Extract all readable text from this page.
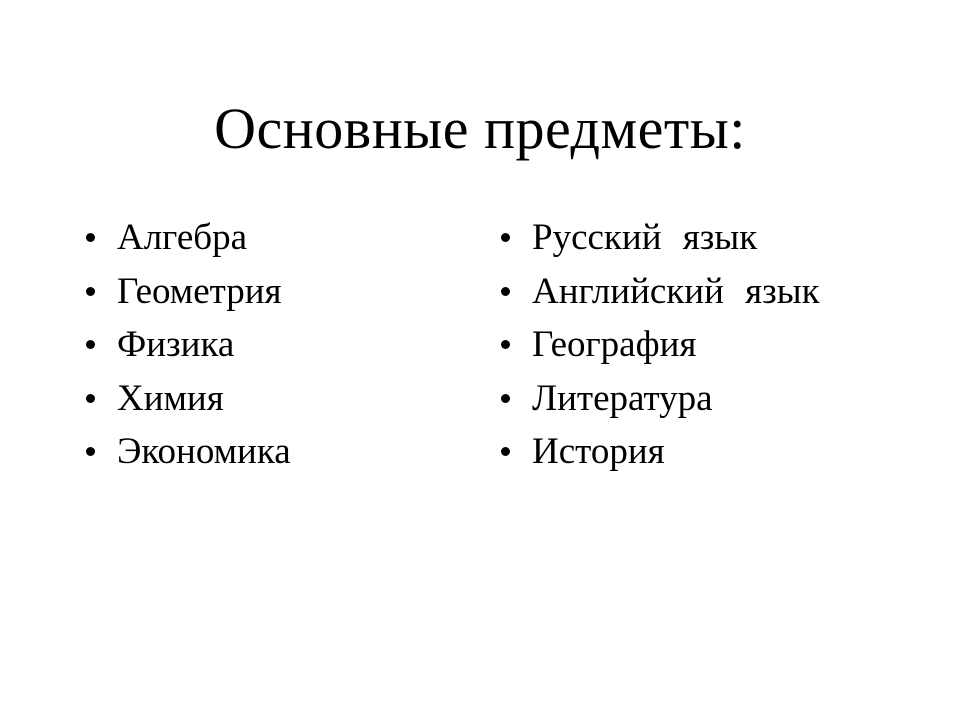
Основные предметы:
Алгебра
Геометрия
Физика
Химия
Экономика
Русский язык
Английский язык
География
Литература
История
